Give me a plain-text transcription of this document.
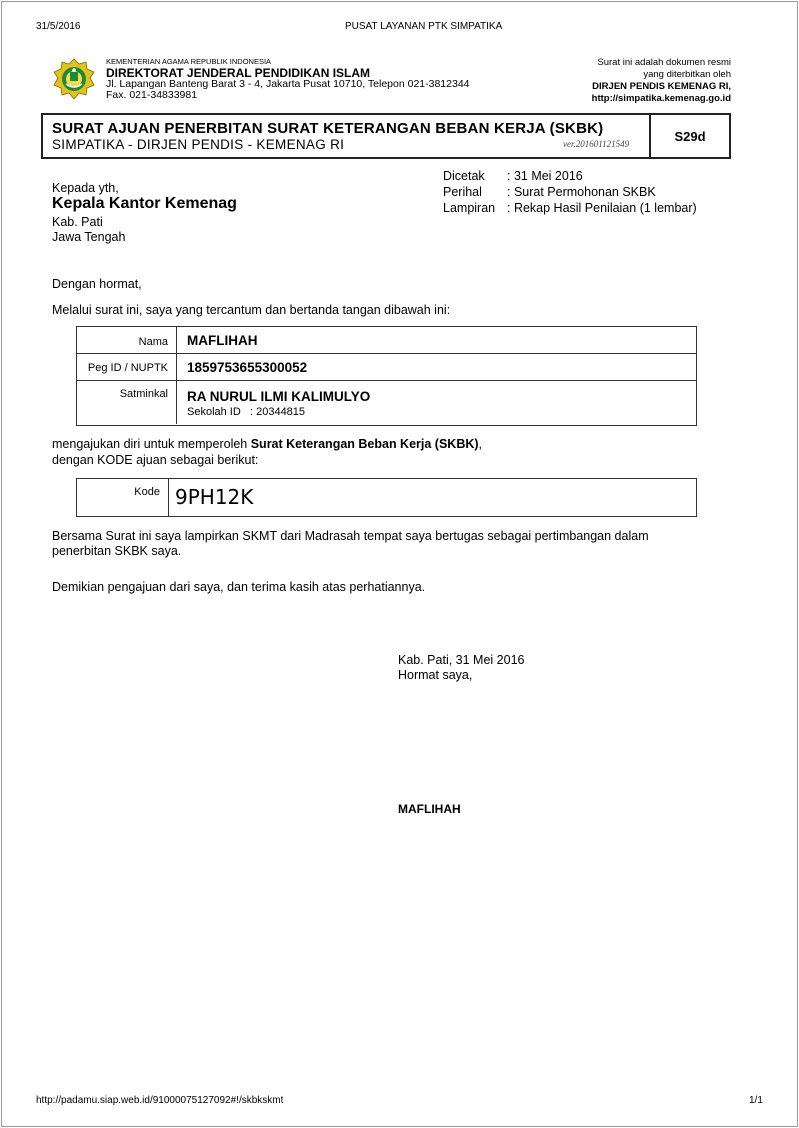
31/5/2016	PUSAT LAYANAN PTK SIMPATIKA
KEMENTERIAN AGAMA REPUBLIK INDONESIA
DIREKTORAT JENDERAL PENDIDIKAN ISLAM
Jl. Lapangan Banteng Barat 3 - 4, Jakarta Pusat 10710, Telepon 021-3812344
Fax. 021-34833981
Surat ini adalah dokumen resmi
yang diterbitkan oleh
DIRJEN PENDIS KEMENAG RI,
http://simpatika.kemenag.go.id
SURAT AJUAN PENERBITAN SURAT KETERANGAN BEBAN KERJA (SKBK)
SIMPATIKA - DIRJEN PENDIS - KEMENAG RI	ver.201601121549
S29d
Kepada yth,
Kepala Kantor Kemenag
Kab. Pati
Jawa Tengah
Dicetak : 31 Mei 2016
Perihal : Surat Permohonan SKBK
Lampiran : Rekap Hasil Penilaian (1 lembar)
Dengan hormat,
Melalui surat ini, saya yang tercantum dan bertanda tangan dibawah ini:
Nama	MAFLIHAH
Peg ID / NUPTK	1859753655300052
Satminkal	RA NURUL ILMI KALIMULYO
Sekolah ID : 20344815
mengajukan diri untuk memperoleh Surat Keterangan Beban Kerja (SKBK),
dengan KODE ajuan sebagai berikut:
Kode 9PH12K
Bersama Surat ini saya lampirkan SKMT dari Madrasah tempat saya bertugas sebagai pertimbangan dalam
penerbitan SKBK saya.
Demikian pengajuan dari saya, dan terima kasih atas perhatiannya.
Kab. Pati, 31 Mei 2016
Hormat saya,
MAFLIHAH
http://padamu.siap.web.id/91000075127092#!/skbkskmt	1/1
